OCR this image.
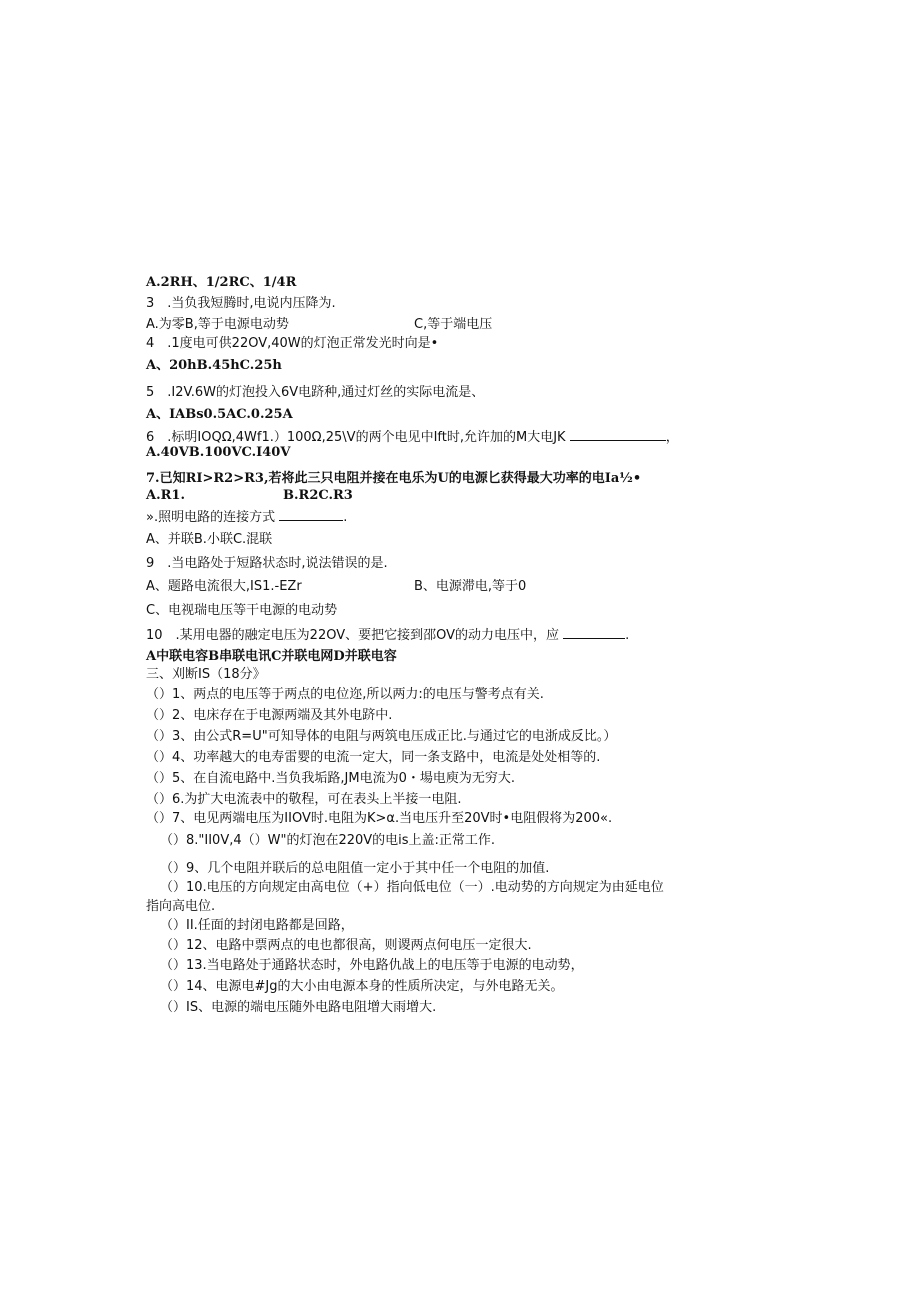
A.2RH、1/2RC、1/4R
3　.当负我短腾时,电说内压降为.
A.为零B,等于电源电动势	C,等于端电压
4　.1度电可供22OV,40W的灯泡正常发光时向是•
A、20hB.45hC.25h
5　.I2V.6W的灯泡投入6V电跻种,通过灯丝的实际电流是、
A、IABs0.5AC.0.25A
6　.标明IOQΩ,4Wf1.）100Ω,25\V的两个电见中Ift时,允许加的M大电JK	，
A.40VB.100VC.I40V
7.已知RI>R2>R3,若将此三只电阻并接在电乐为U的电源匕获得最大功率的电Ia½•
A.R1.	B.R2C.R3
».照明电路的连接方式	.
A、并联B.小联C.混联
9　.当电路处于短路状态时,说法错误的是.
A、题路电流很大,IS1.-EZr	B、电源滞电,等于0
C、电视瑞电压等干电源的电动势
10　.某用电器的融定电压为22OV、要把它接到邵OV的动力电压中，应	.
A中联电容B串联电讯C并联电网D并联电容
三、刈断IS（18分》
（）1、两点的电压等于两点的电位迩,所以两力:的电压与警考点有关.
（）2、电床存在于电源两端及其外电跻中.
（）3、由公式R=U"可知导体的电阻与两筑电压成正比.与通过它的电浙成反比。）
（）4、功率越大的电寿雷婴的电流一定大，同一条支路中，电流是处处相等的.
（）5、在自流电路中.当负我垢路,JM电流为0・場电庾为无穷大.
（）6.为扩大电流表中的敬程，可在表头上半接一电阻.
（）7、电见两端电压为IIOV时.电阻为K>α.当电压升至20V时•电阻假将为200«.
（）8."II0V,4（）W"的灯泡在220V的电is上盖:正常工作.
（）9、几个电阻并联后的总电阻值一定小于其中任一个电阻的加值.
（）10.电压的方向规定由高电位（+）指向低电位（一）.电动势的方向规定为由延电位
指向高电位.
（）II.任面的封闭电路都是回路，
（）12、电路中票两点的电也都很高，则谡两点何电压一定很大.
（）13.当电路处于通路状态时，外电路仇战上的电压等于电源的电动势，
（）14、电源电#Jg的大小由电源本身的性质所决定，与外电路无关。
（）IS、电源的端电压随外电路电阻增大雨增大.
